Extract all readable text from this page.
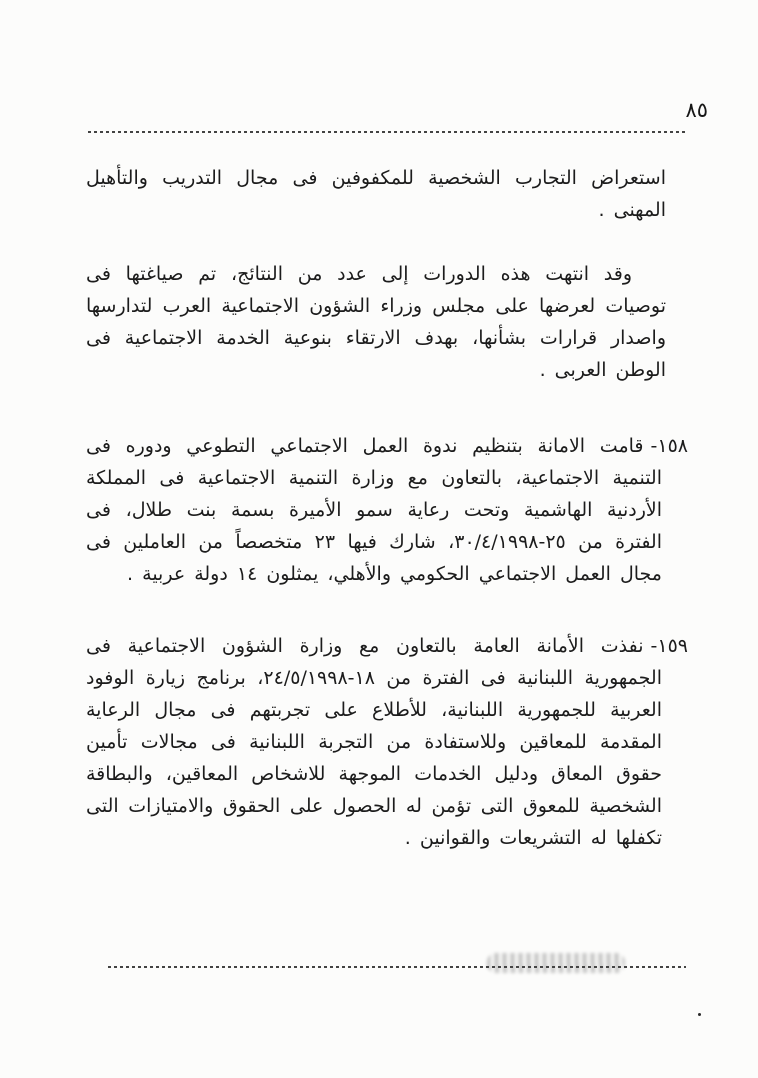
٨٥

استعراض التجارب الشخصية للمكفوفين فى مجال التدريب والتأهيل المهنى .

وقد انتهت هذه الدورات إلى عدد من النتائج، تم صياغتها فى توصيات لعرضها على مجلس وزراء الشؤون الاجتماعية العرب لتدارسها واصدار قرارات بشأنها، بهدف الارتقاء بنوعية الخدمة الاجتماعية فى الوطن العربى .

١٥٨-قامت الامانة بتنظيم ندوة العمل الاجتماعي التطوعي ودوره فى التنمية الاجتماعية، بالتعاون مع وزارة التنمية الاجتماعية فى المملكة الأردنية الهاشمية وتحت رعاية سمو الأميرة بسمة بنت طلال، فى الفترة من ٢٥-٣٠/٤/١٩٩٨، شارك فيها ٢٣ متخصصاً من العاملين فى مجال العمل الاجتماعي الحكومي والأهلي، يمثلون ١٤ دولة عربية .

١٥٩-نفذت الأمانة العامة بالتعاون مع وزارة الشؤون الاجتماعية فى الجمهورية اللبنانية فى الفترة من ١٨-٢٤/٥/١٩٩٨، برنامج زيارة الوفود العربية للجمهورية اللبنانية، للأطلاع على تجربتهم فى مجال الرعاية المقدمة للمعاقين وللاستفادة من التجربة اللبنانية فى مجالات تأمين حقوق المعاق ودليل الخدمات الموجهة للاشخاص المعاقين، والبطاقة الشخصية للمعوق التى تؤمن له الحصول على الحقوق والامتيازات التى تكفلها له التشريعات والقوانين .
